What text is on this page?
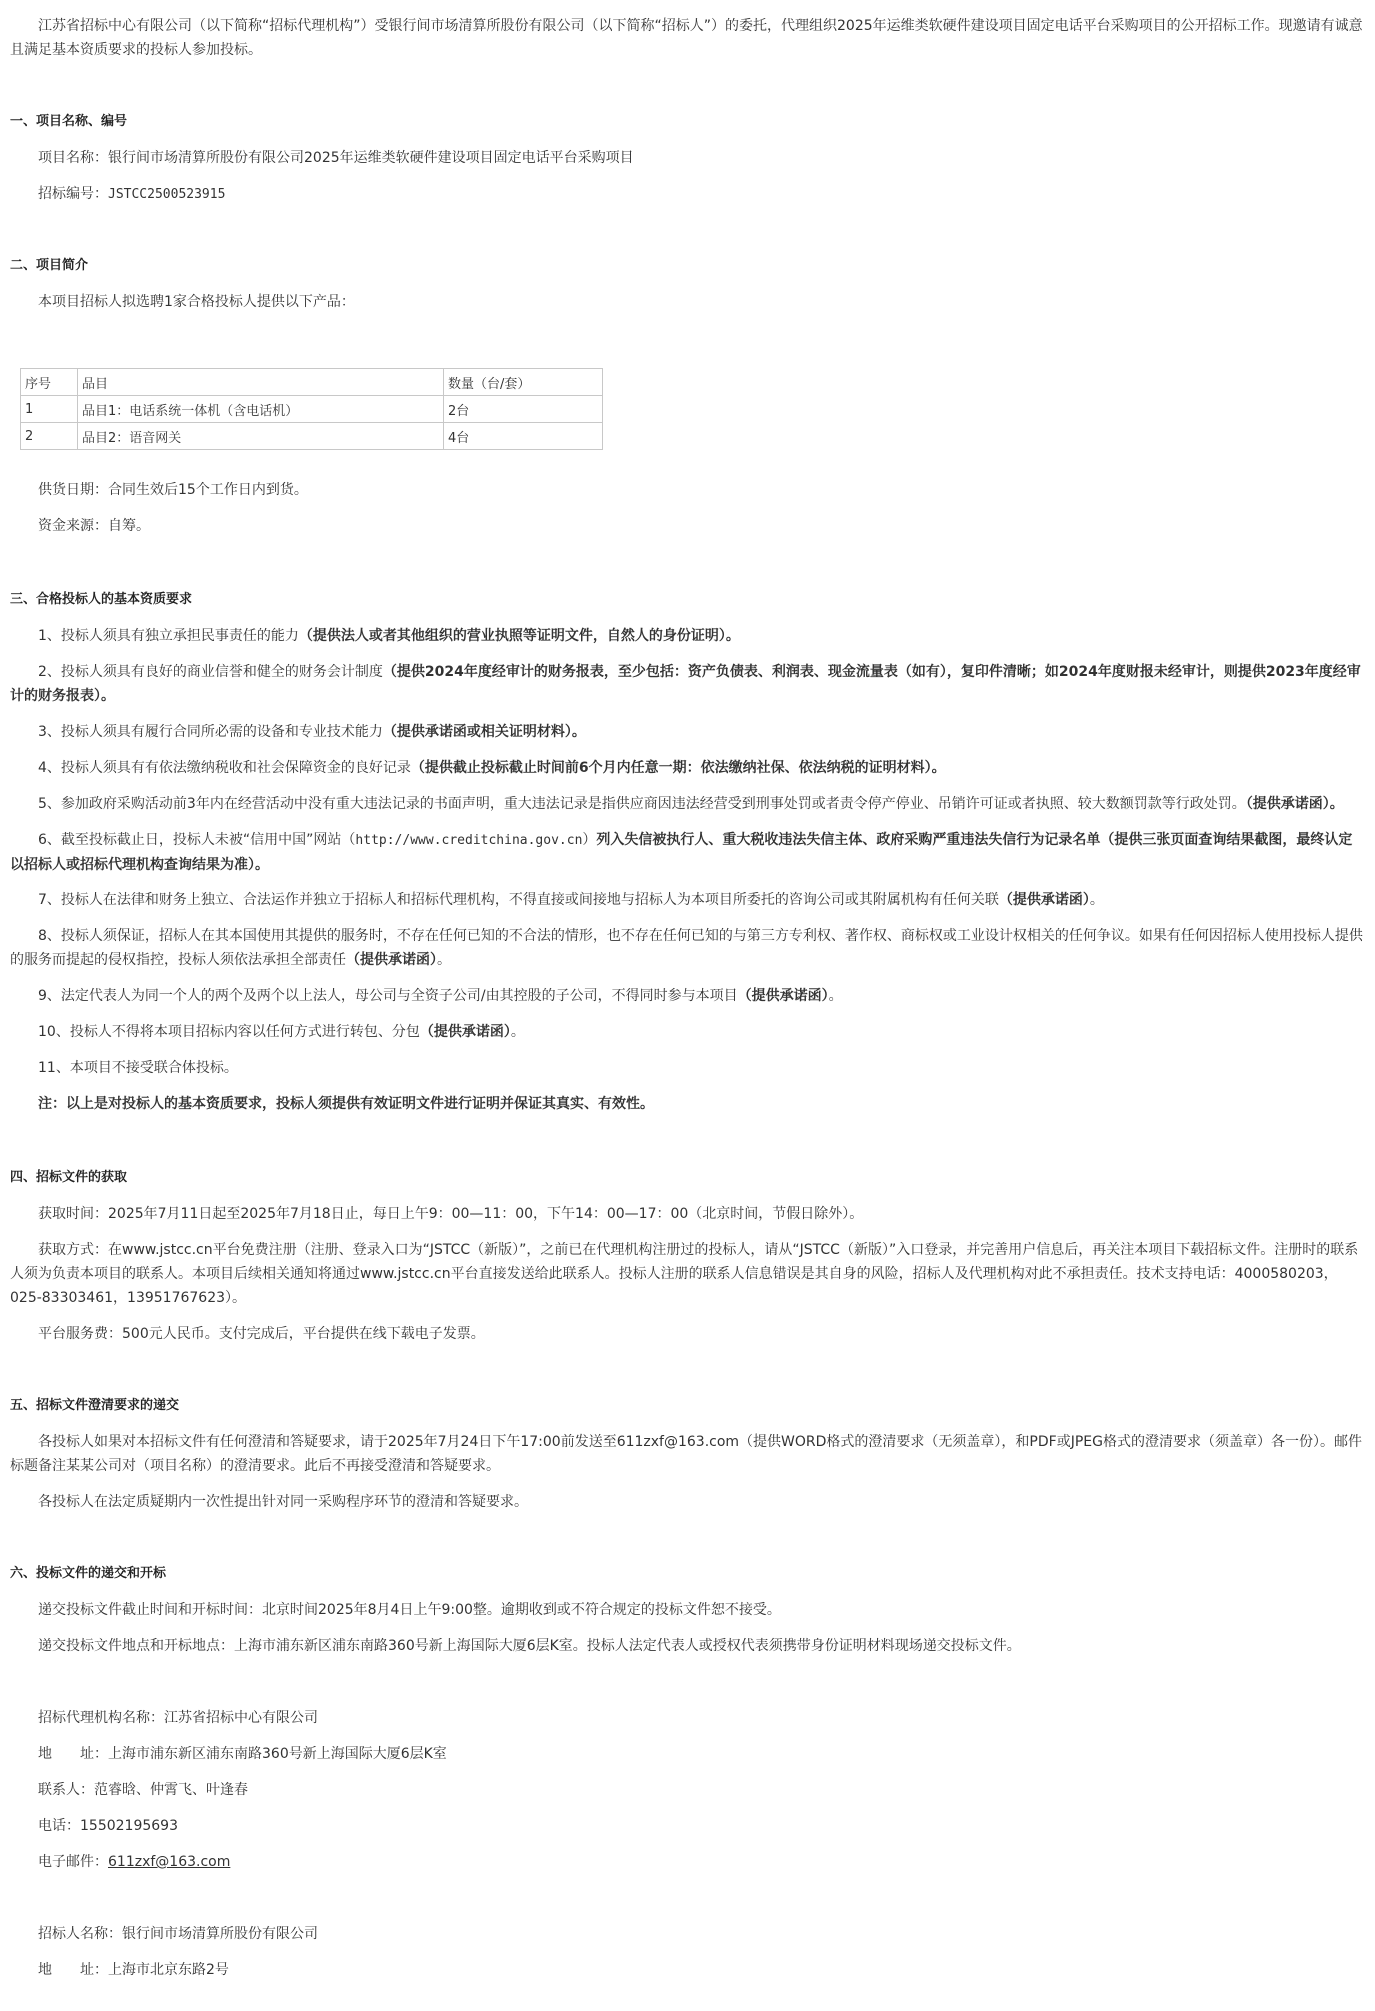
江苏省招标中心有限公司（以下简称“招标代理机构”）受银行间市场清算所股份有限公司（以下简称“招标人”）的委托，代理组织2025年运维类软硬件建设项目固定电话平台采购项目的公开招标工作。现邀请有诚意且满足基本资质要求的投标人参加投标。

一、项目名称、编号

项目名称：银行间市场清算所股份有限公司2025年运维类软硬件建设项目固定电话平台采购项目

招标编号：JSTCC2500523915

二、项目简介

本项目招标人拟选聘1家合格投标人提供以下产品：

序号	品目	数量（台/套）
1	品目1：电话系统一体机（含电话机）	2台
2	品目2：语音网关	4台

供货日期：合同生效后15个工作日内到货。

资金来源：自筹。

三、合格投标人的基本资质要求

1、投标人须具有独立承担民事责任的能力（提供法人或者其他组织的营业执照等证明文件，自然人的身份证明）。

2、投标人须具有良好的商业信誉和健全的财务会计制度（提供2024年度经审计的财务报表，至少包括：资产负债表、利润表、现金流量表（如有），复印件清晰；如2024年度财报未经审计，则提供2023年度经审计的财务报表）。

3、投标人须具有履行合同所必需的设备和专业技术能力（提供承诺函或相关证明材料）。

4、投标人须具有有依法缴纳税收和社会保障资金的良好记录（提供截止投标截止时间前6个月内任意一期：依法缴纳社保、依法纳税的证明材料）。

5、参加政府采购活动前3年内在经营活动中没有重大违法记录的书面声明，重大违法记录是指供应商因违法经营受到刑事处罚或者责令停产停业、吊销许可证或者执照、较大数额罚款等行政处罚。（提供承诺函）。

6、截至投标截止日，投标人未被“信用中国”网站（http://www.creditchina.gov.cn）列入失信被执行人、重大税收违法失信主体、政府采购严重违法失信行为记录名单（提供三张页面查询结果截图，最终认定以招标人或招标代理机构查询结果为准）。

7、投标人在法律和财务上独立、合法运作并独立于招标人和招标代理机构，不得直接或间接地与招标人为本项目所委托的咨询公司或其附属机构有任何关联（提供承诺函）。

8、投标人须保证，招标人在其本国使用其提供的服务时，不存在任何已知的不合法的情形，也不存在任何已知的与第三方专利权、著作权、商标权或工业设计权相关的任何争议。如果有任何因招标人使用投标人提供的服务而提起的侵权指控，投标人须依法承担全部责任（提供承诺函）。

9、法定代表人为同一个人的两个及两个以上法人，母公司与全资子公司/由其控股的子公司，不得同时参与本项目（提供承诺函）。

10、投标人不得将本项目招标内容以任何方式进行转包、分包（提供承诺函）。

11、本项目不接受联合体投标。

注：以上是对投标人的基本资质要求，投标人须提供有效证明文件进行证明并保证其真实、有效性。

四、招标文件的获取

获取时间：2025年7月11日起至2025年7月18日止，每日上午9：00—11：00，下午14：00—17：00（北京时间，节假日除外）。

获取方式：在www.jstcc.cn平台免费注册（注册、登录入口为“JSTCC（新版）”，之前已在代理机构注册过的投标人，请从“JSTCC（新版）”入口登录，并完善用户信息后，再关注本项目下载招标文件。注册时的联系人须为负责本项目的联系人。本项目后续相关通知将通过www.jstcc.cn平台直接发送给此联系人。投标人注册的联系人信息错误是其自身的风险，招标人及代理机构对此不承担责任。技术支持电话：4000580203，025-83303461，13951767623）。

平台服务费：500元人民币。支付完成后，平台提供在线下载电子发票。

五、招标文件澄清要求的递交

各投标人如果对本招标文件有任何澄清和答疑要求，请于2025年7月24日下午17:00前发送至611zxf@163.com（提供WORD格式的澄清要求（无须盖章），和PDF或JPEG格式的澄清要求（须盖章）各一份）。邮件标题备注某某公司对（项目名称）的澄清要求。此后不再接受澄清和答疑要求。

各投标人在法定质疑期内一次性提出针对同一采购程序环节的澄清和答疑要求。

六、投标文件的递交和开标

递交投标文件截止时间和开标时间：北京时间2025年8月4日上午9:00整。逾期收到或不符合规定的投标文件恕不接受。

递交投标文件地点和开标地点：上海市浦东新区浦东南路360号新上海国际大厦6层K室。投标人法定代表人或授权代表须携带身份证明材料现场递交投标文件。

招标代理机构名称：江苏省招标中心有限公司

地　　址：上海市浦东新区浦东南路360号新上海国际大厦6层K室

联系人：范睿晗、仲霄飞、叶逢春

电话：15502195693

电子邮件：611zxf@163.com

招标人名称：银行间市场清算所股份有限公司

地　　址：上海市北京东路2号
